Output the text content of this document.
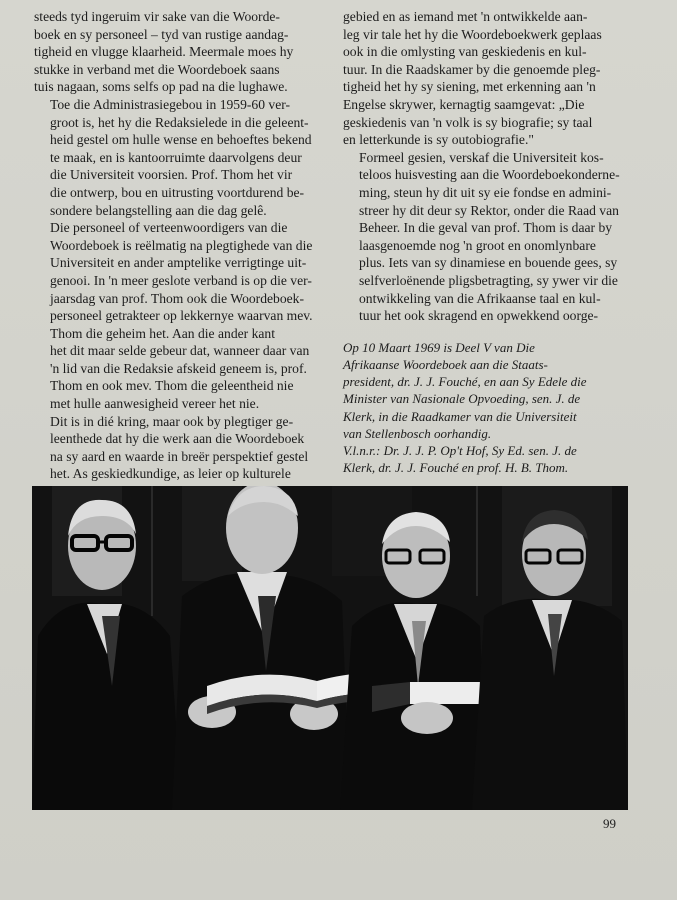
steeds tyd ingeruim vir sake van die Woorde-
boek en sy personeel – tyd van rustige aandag-
tigheid en vlugge klaarheid. Meermale moes hy
stukke in verband met die Woordeboek saans
tuis nagaan, soms selfs op pad na die lughawe.

Toe die Administrasiegebou in 1959-60 ver-
groot is, het hy die Redaksielede in die geleent-
heid gestel om hulle wense en behoeftes bekend
te maak, en is kantoorruimte daarvolgens deur
die Universiteit voorsien. Prof. Thom het vir
die ontwerp, bou en uitrusting voortdurend be-
sondere belangstelling aan die dag gelê.

Die personeel of verteenwoordigers van die
Woordeboek is reëlmatig na plegtighede van die
Universiteit en ander amptelike verrigtinge uit-
genooi. In 'n meer geslote verband is op die ver-
jaarsdag van prof. Thom ook die Woordeboek-
personeel getrakteer op lekkernye waarvan mev.
Thom die geheim het. Aan die ander kant
het dit maar selde gebeur dat, wanneer daar van
'n lid van die Redaksie afskeid geneem is, prof.
Thom en ook mev. Thom die geleentheid nie
met hulle aanwesigheid vereer het nie.

Dit is in dié kring, maar ook by plegtiger ge-
leenthede dat hy die werk aan die Woordeboek
na sy aard en waarde in breër perspektief gestel
het. As geskiedkundige, as leier op kulturele

gebied en as iemand met 'n ontwikkelde aan-
leg vir tale het hy die Woordeboekwerk geplaas
ook in die omlysting van geskiedenis en kul-
tuur. In die Raadskamer by die genoemde pleg-
tigheid het hy sy siening, met erkenning aan 'n
Engelse skrywer, kernagtig saamgevat: „Die
geskiedenis van 'n volk is sy biografie; sy taal
en letterkunde is sy outobiografie."

Formeel gesien, verskaf die Universiteit kos-
teloos huisvesting aan die Woordeboekonderne-
ming, steun hy dit uit sy eie fondse en admini-
streer hy dit deur sy Rektor, onder die Raad van
Beheer. In die geval van prof. Thom is daar by
laasgenoemde nog 'n groot en onomlynbare
plus. Iets van sy dinamiese en bouende gees, sy
selfverloënende pligsbetragting, sy ywer vir die
ontwikkeling van die Afrikaanse taal en kul-
tuur het ook skragend en opwekkend oorge-

Op 10 Maart 1969 is Deel V van Die
Afrikaanse Woordeboek aan die Staats-
president, dr. J. J. Fouché, en aan Sy Edele die
Minister van Nasionale Opvoeding, sen. J. de
Klerk, in die Raadkamer van die Universiteit
van Stellenbosch oorhandig.
V.l.n.r.: Dr. J. J. P. Op't Hof, Sy Ed. sen. J. de
Klerk, dr. J. J. Fouché en prof. H. B. Thom.
99
